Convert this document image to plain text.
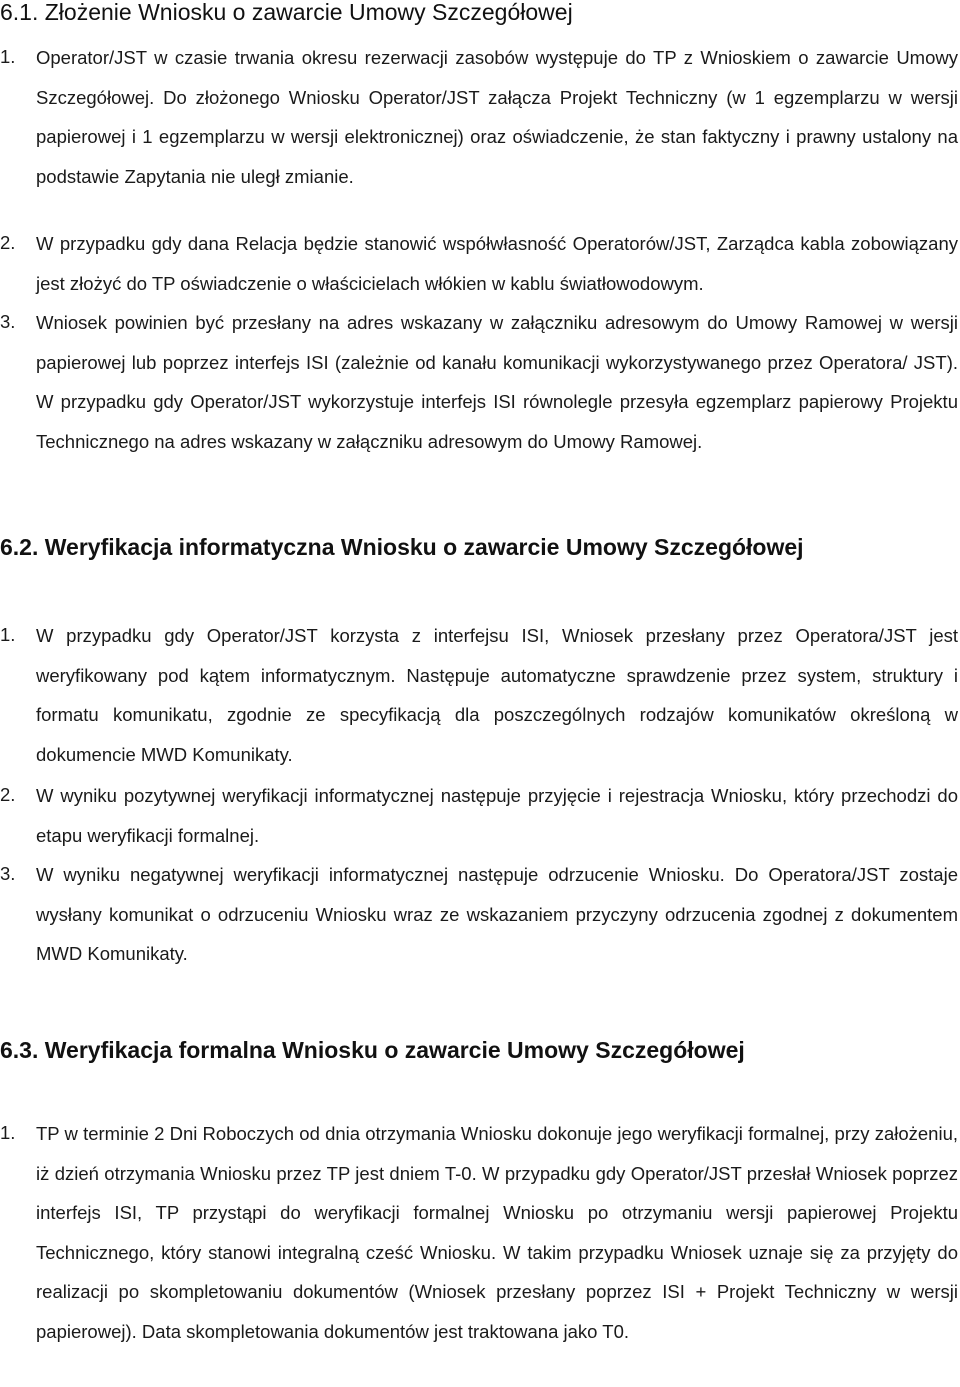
6.1. Złożenie Wniosku o zawarcie Umowy Szczegółowej
1. Operator/JST w czasie trwania okresu rezerwacji zasobów występuje do TP z Wnioskiem o zawarcie Umowy Szczegółowej. Do złożonego Wniosku Operator/JST załącza Projekt Techniczny (w 1 egzemplarzu w wersji papierowej i 1 egzemplarzu w wersji elektronicznej) oraz oświadczenie, że stan faktyczny i prawny ustalony na podstawie Zapytania nie uległ zmianie.
2. W przypadku gdy dana Relacja będzie stanowić współwłasność Operatorów/JST, Zarządca kabla zobowiązany jest złożyć do TP oświadczenie o właścicielach włókien w kablu światłowodowym.
3. Wniosek powinien być przesłany na adres wskazany w załączniku adresowym do Umowy Ramowej w wersji papierowej lub poprzez interfejs ISI (zależnie od kanału komunikacji wykorzystywanego przez Operatora/ JST). W przypadku gdy Operator/JST wykorzystuje interfejs ISI równolegle przesyła egzemplarz papierowy Projektu Technicznego na adres wskazany w załączniku adresowym do Umowy Ramowej.
6.2. Weryfikacja informatyczna Wniosku o zawarcie Umowy Szczegółowej
1. W przypadku gdy Operator/JST korzysta z interfejsu ISI, Wniosek przesłany przez Operatora/JST jest weryfikowany pod kątem informatycznym. Następuje automatyczne sprawdzenie przez system, struktury i formatu komunikatu, zgodnie ze specyfikacją dla poszczególnych rodzajów komunikatów określoną w dokumencie MWD Komunikaty.
2. W wyniku pozytywnej weryfikacji informatycznej następuje przyjęcie i rejestracja Wniosku, który przechodzi do etapu weryfikacji formalnej.
3. W wyniku negatywnej weryfikacji informatycznej następuje odrzucenie Wniosku. Do Operatora/JST zostaje wysłany komunikat o odrzuceniu Wniosku wraz ze wskazaniem przyczyny odrzucenia zgodnej z dokumentem MWD Komunikaty.
6.3. Weryfikacja formalna Wniosku o zawarcie Umowy Szczegółowej
1. TP w terminie 2 Dni Roboczych od dnia otrzymania Wniosku dokonuje jego weryfikacji formalnej, przy założeniu, iż dzień otrzymania Wniosku przez TP jest dniem T-0. W przypadku gdy Operator/JST przesłał Wniosek poprzez interfejs ISI, TP przystąpi do weryfikacji formalnej Wniosku po otrzymaniu wersji papierowej Projektu Technicznego, który stanowi integralną cześć Wniosku. W takim przypadku Wniosek uznaje się za przyjęty do realizacji po skompletowaniu dokumentów (Wniosek przesłany poprzez ISI + Projekt Techniczny w wersji papierowej). Data skompletowania dokumentów jest traktowana jako T0.
